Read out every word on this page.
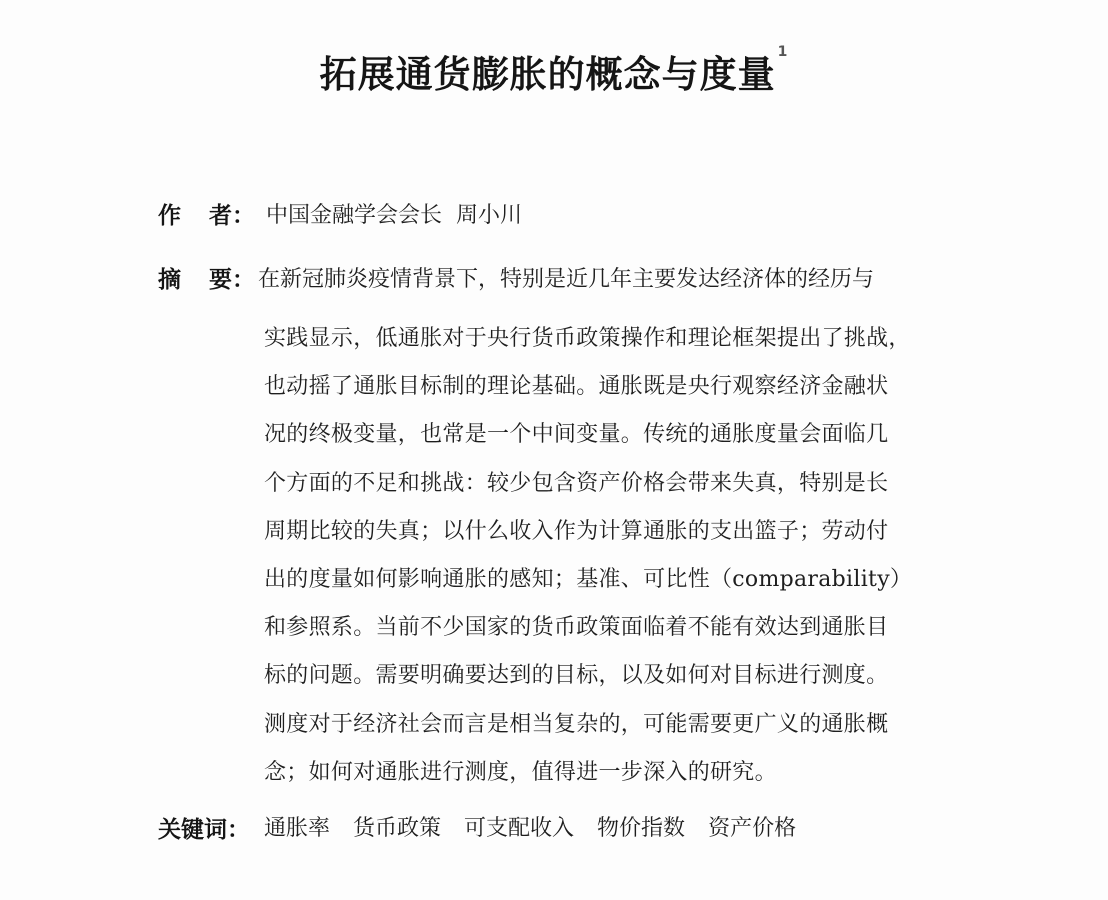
拓展通货膨胀的概念与度量1
作 者： 中国金融学会会长 周小川
摘 要： 在新冠肺炎疫情背景下，特别是近几年主要发达经济体的经历与
实践显示，低通胀对于央行货币政策操作和理论框架提出了挑战，
也动摇了通胀目标制的理论基础。通胀既是央行观察经济金融状
况的终极变量，也常是一个中间变量。传统的通胀度量会面临几
个方面的不足和挑战：较少包含资产价格会带来失真，特别是长
周期比较的失真；以什么收入作为计算通胀的支出篮子；劳动付
出的度量如何影响通胀的感知；基准、可比性（comparability）
和参照系。当前不少国家的货币政策面临着不能有效达到通胀目
标的问题。需要明确要达到的目标，以及如何对目标进行测度。
测度对于经济社会而言是相当复杂的，可能需要更广义的通胀概
念；如何对通胀进行测度，值得进一步深入的研究。
关键词： 通胀率 货币政策 可支配收入 物价指数 资产价格
